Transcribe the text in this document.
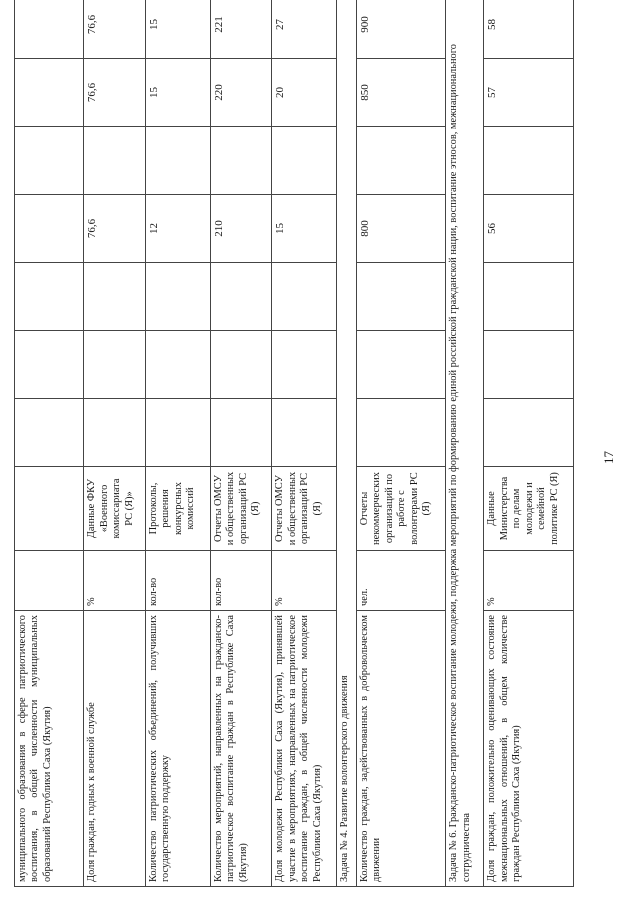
муниципального образования в сфере патриотического воспитания, в общей численности муниципальных образований Республики Саха (Якутия)									
Доля граждан, годных к военной службе	%	Данные ФКУ «Военного комиссариата РС (Я)»				76,6		76,6	76,6
Количество патриотических объединений, получивших государственную поддержку	кол-во	Протоколы, решения конкурсных комиссий				12		15	15
Количество мероприятий, направленных на гражданско-патриотическое воспитание граждан в Республике Саха (Якутия)	кол-во	Отчеты ОМСУ и общественных организаций РС (Я)				210		220	221
Доля молодежи Республики Саха (Якутия), принявшей участие в мероприятиях, направленных на патриотическое воспитание граждан, в общей численности молодежи Республики Саха (Якутия)	%	Отчеты ОМСУ и общественных организаций РС (Я)				15		20	27
Задача № 4. Развитие волонтерского движения									
Количество граждан, задействованных в добровольческом движении	чел.	Отчеты некоммерческих организаций по работе с волонтерами РС (Я)				800		850	900
Задача № 6. Гражданско-патриотическое воспитание молодежи, поддержка мероприятий по формированию единой российской гражданской нации, воспитание этносов, межнационального сотрудничества									
Доля граждан, положительно оценивающих состояние межнациональных отношений, в общем количестве граждан Республики Саха (Якутия)	%	Данные Министерства по делам молодежи и семейной политике РС (Я)				56		57	58
17
